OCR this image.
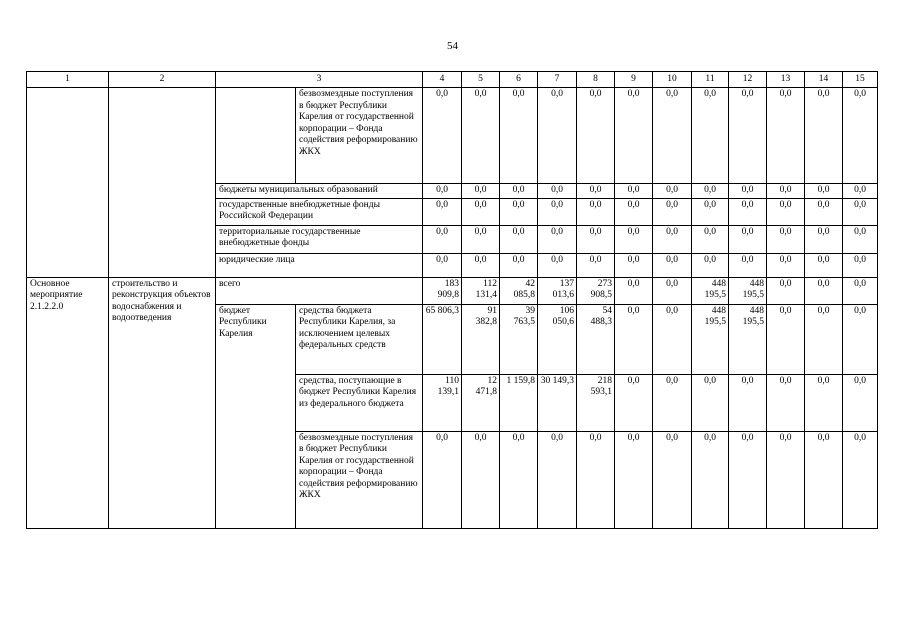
54
1	2	3		4	5	6	7	8	9	10	11	12	13	14	15
			безвозмездные поступления в бюджет Республики Карелия от государственной корпорации – Фонда содействия реформированию ЖКХ	0,0	0,0	0,0	0,0	0,0	0,0	0,0	0,0	0,0	0,0	0,0	0,0
		бюджеты муниципальных образований		0,0	0,0	0,0	0,0	0,0	0,0	0,0	0,0	0,0	0,0	0,0	0,0
		государственные внебюджетные фонды Российской Федерации		0,0	0,0	0,0	0,0	0,0	0,0	0,0	0,0	0,0	0,0	0,0	0,0
		территориальные государственные внебюджетные фонды		0,0	0,0	0,0	0,0	0,0	0,0	0,0	0,0	0,0	0,0	0,0	0,0
		юридические лица		0,0	0,0	0,0	0,0	0,0	0,0	0,0	0,0	0,0	0,0	0,0	0,0
Основное мероприятие 2.1.2.2.0	строительство и реконструкция объектов водоснабжения и водоотведения	всего		183 909,8	112 131,4	42 085,8	137 013,6	273 908,5	0,0	0,0	448 195,5	448 195,5	0,0	0,0	0,0
		бюджет Республики Карелия	средства бюджета Республики Карелия, за исключением целевых федеральных средств	65 806,3	91 382,8	39 763,5	106 050,6	54 488,3	0,0	0,0	448 195,5	448 195,5	0,0	0,0	0,0
			средства, поступающие в бюджет Республики Карелия из федерального бюджета	110 139,1	12 471,8	1 159,8	30 149,3	218 593,1	0,0	0,0	0,0	0,0	0,0	0,0	0,0
			безвозмездные поступления в бюджет Республики Карелия от государственной корпорации – Фонда содействия реформированию ЖКХ	0,0	0,0	0,0	0,0	0,0	0,0	0,0	0,0	0,0	0,0	0,0	0,0
